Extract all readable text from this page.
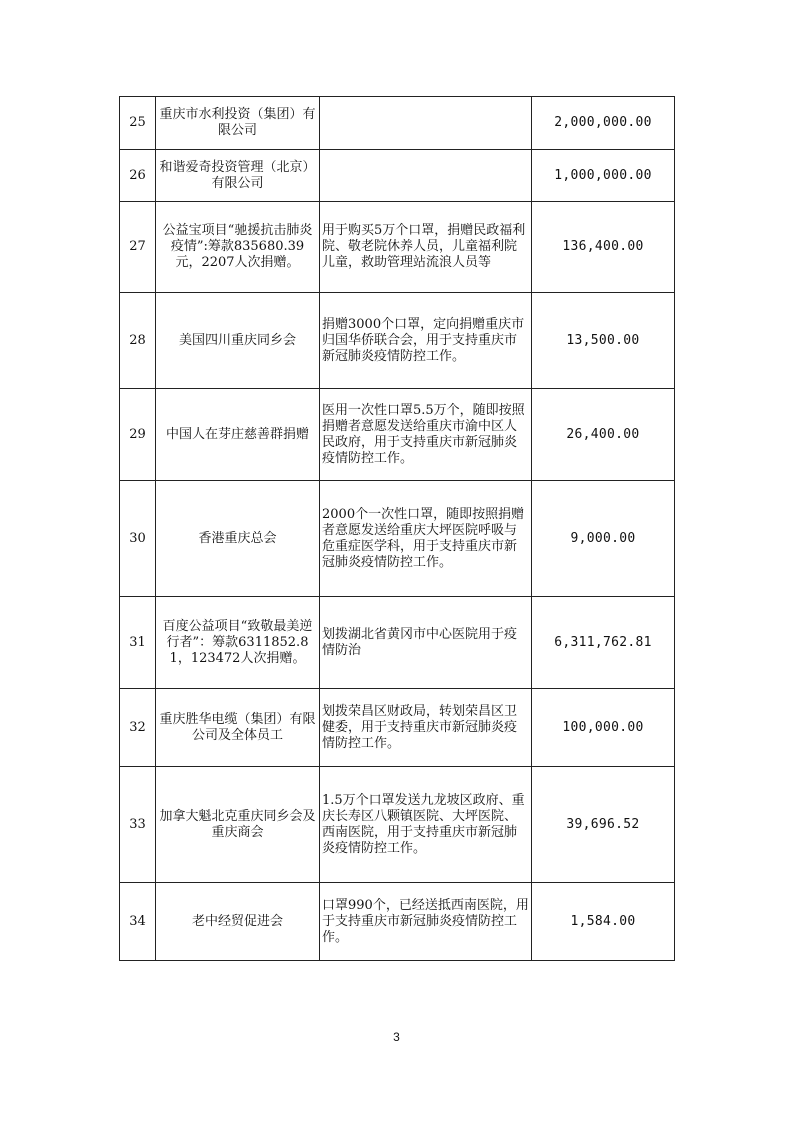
25	重庆市水利投资（集团）有限公司		2,000,000.00
26	和谐爱奇投资管理（北京）有限公司		1,000,000.00
27	公益宝项目“驰援抗击肺炎疫情”:筹款835680.39元，2207人次捐赠。	用于购买5万个口罩，捐赠民政福利院、敬老院休养人员，儿童福利院儿童，救助管理站流浪人员等	136,400.00
28	美国四川重庆同乡会	捐赠3000个口罩，定向捐赠重庆市归国华侨联合会，用于支持重庆市新冠肺炎疫情防控工作。	13,500.00
29	中国人在芽庄慈善群捐赠	医用一次性口罩5.5万个，随即按照捐赠者意愿发送给重庆市渝中区人民政府，用于支持重庆市新冠肺炎疫情防控工作。	26,400.00
30	香港重庆总会	2000个一次性口罩，随即按照捐赠者意愿发送给重庆大坪医院呼吸与危重症医学科，用于支持重庆市新冠肺炎疫情防控工作。	9,000.00
31	百度公益项目“致敬最美逆行者”：筹款6311852.81，123472人次捐赠。	划拨湖北省黄冈市中心医院用于疫情防治	6,311,762.81
32	重庆胜华电缆（集团）有限公司及全体员工	划拨荣昌区财政局，转划荣昌区卫健委，用于支持重庆市新冠肺炎疫情防控工作。	100,000.00
33	加拿大魁北克重庆同乡会及重庆商会	1.5万个口罩发送九龙坡区政府、重庆长寿区八颗镇医院、大坪医院、西南医院，用于支持重庆市新冠肺炎疫情防控工作。	39,696.52
34	老中经贸促进会	口罩990个，已经送抵西南医院，用于支持重庆市新冠肺炎疫情防控工作。	1,584.00
3
